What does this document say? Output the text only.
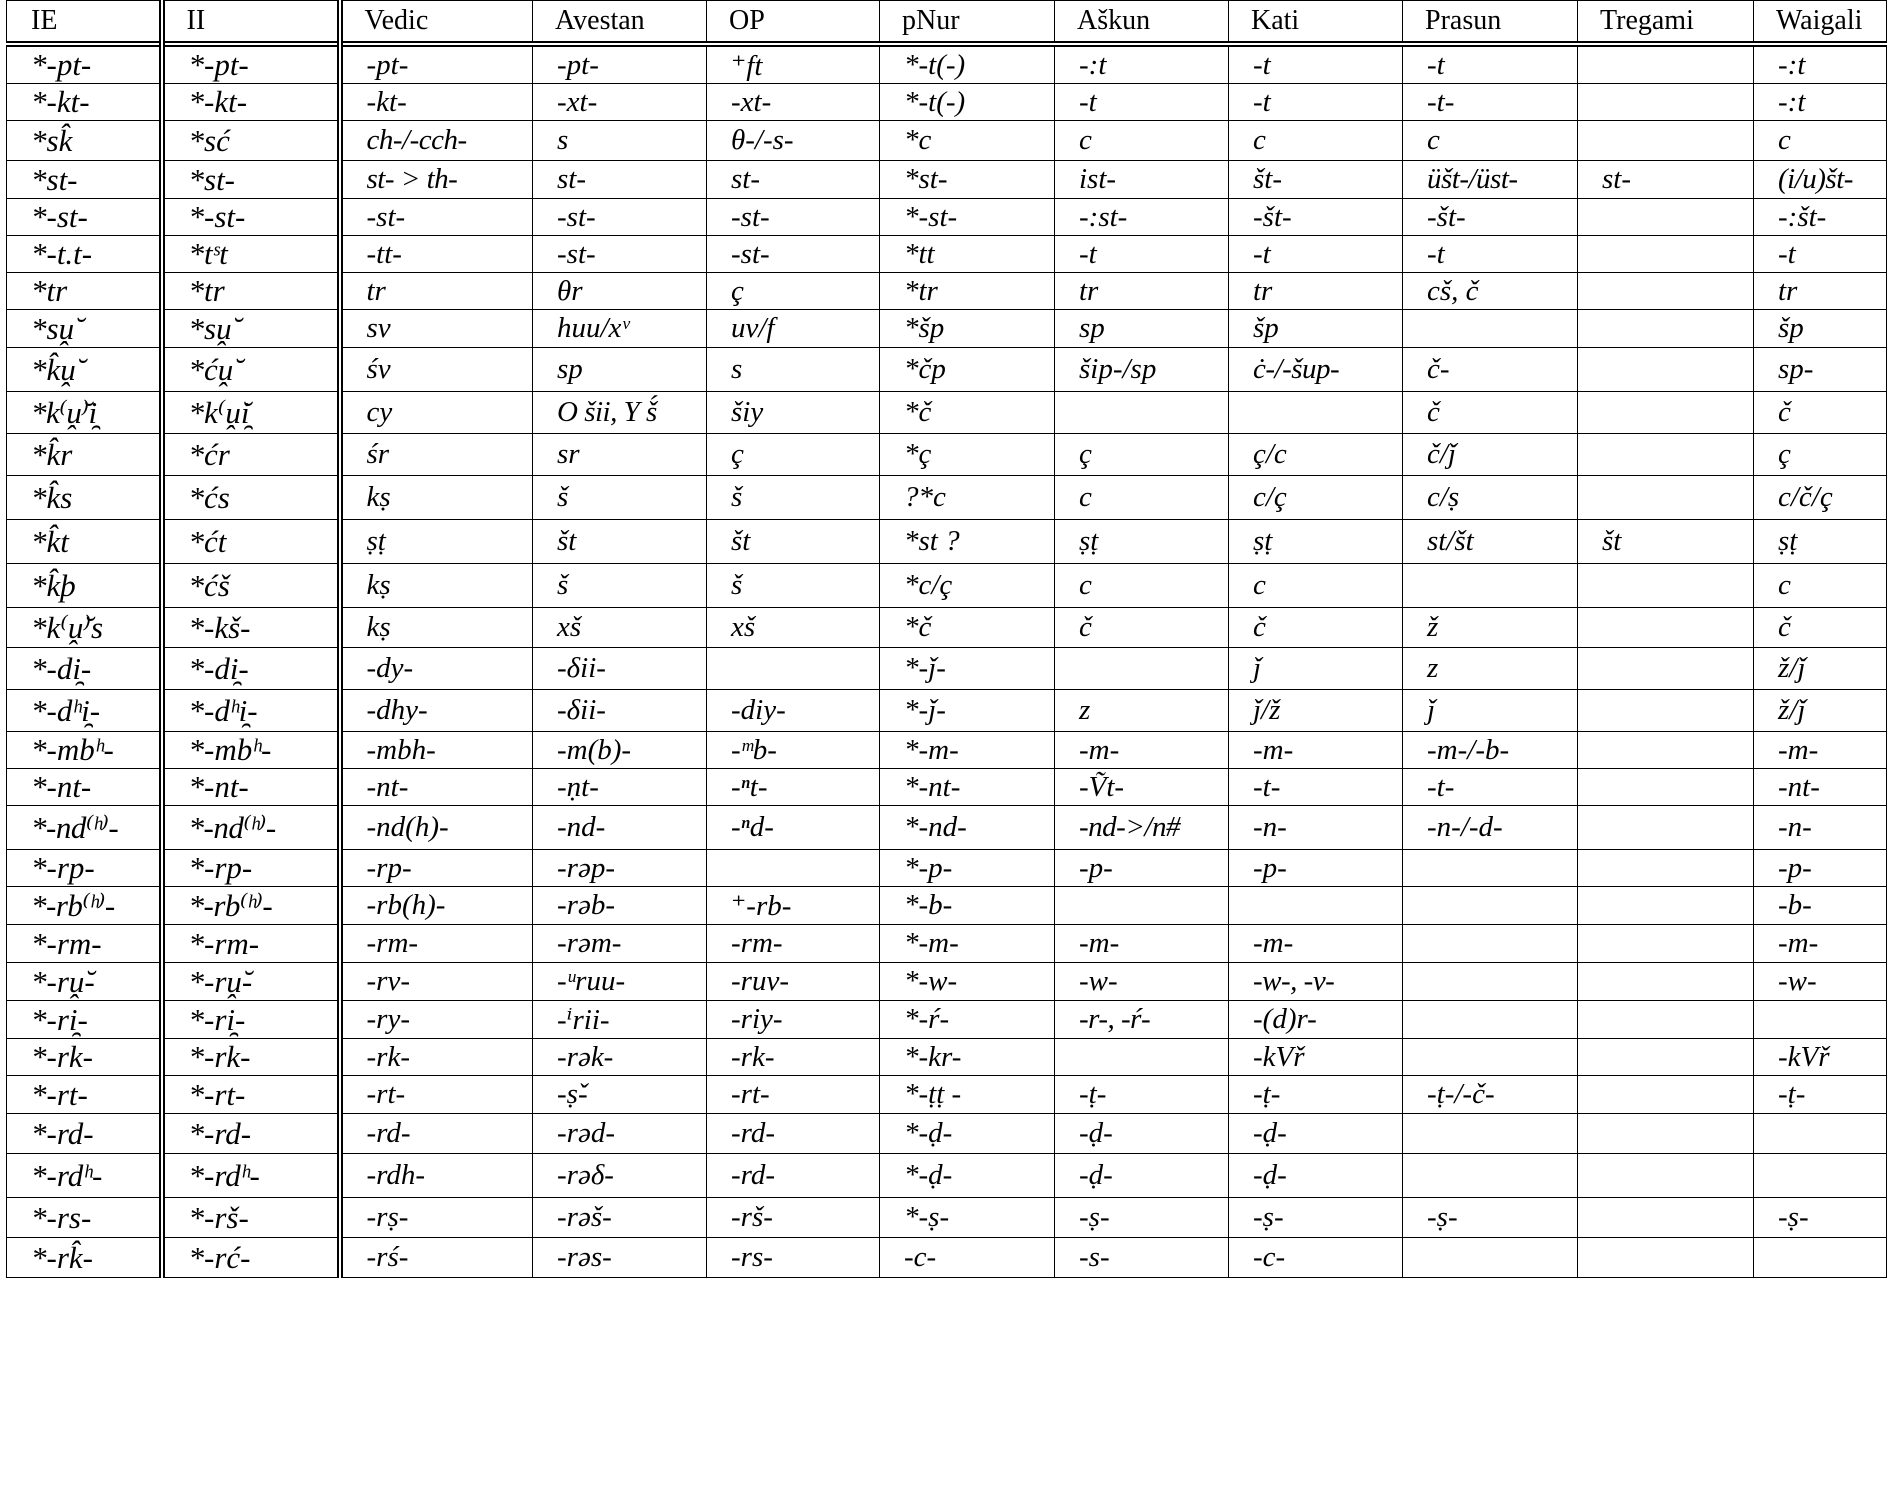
IE	II	Vedic	Avestan	OP	pNur	Aškun	Kati	Prasun	Tregami	Waigali
*-pt-	*-pt-	-pt-	-pt-	⁺ft	*-t(-)	-:t	-t	-t		-:t
*-kt-	*-kt-	-kt-	-xt-	-xt-	*-t(-)	-t	-t	-t-		-:t
*sk̂	*sć	ch-/-cch-	s	θ-/-s-	*c	c	c	c		c
*st-	*st-	st- > th-	st-	st-	*st-	ist-	št-	üšt-/üst-	st-	(i/u)št-
*-st-	*-st-	-st-	-st-	-st-	*-st-	-:st-	-št-	-št-		-:št-
*-t.t-	*tˢt	-tt-	-st-	-st-	*tt	-t	-t	-t		-t
*tr	*tr	tr	θr	ç	*tr	tr	tr	cš, č		tr
*sṷ̆	*sṷ̆	sv	huu/xᵛ	uv/f	*šp	sp	šp			šp
*k̂ṷ̆	*ćṷ̆	śv	sp	s	*čp	šip-/sp	ċ-/-šup-	č-		sp-
*k⁽ṷ̆⁾i̯	*k⁽ṷ̆i̯	cy	O šii, Y š́	šiy	*č			č		č
*k̂r	*ćr	śr	sr	ç	*ç	ç	ç/c	č/ǰ		ç
*k̂s	*ćs	kṣ	š	š	?*c	c	c/ç	c/ṣ		c/č/ç
*k̂t	*ćt	ṣṭ	št	št	*st ?	ṣṭ	ṣṭ	st/št	št	ṣṭ
*k̂þ	*ćš	kṣ	š	š	*c/ç	c	c			c
*k⁽ṷ̆⁾s	*-kš-	kṣ	xš	xš	*č	č	č	ž		č
*-di̯-	*-di̯-	-dy-	-δii-		*-ǰ-		ǰ	z		ž/ǰ
*-dʰi̯-	*-dʰi̯-	-dhy-	-δii-	-diy-	*-ǰ-	z	ǰ/ž	ǰ		ž/ǰ
*-mbʰ-	*-mbʰ-	-mbh-	-m(b)-	-ᵐb-	*-m-	-m-	-m-	-m-/-b-		-m-
*-nt-	*-nt-	-nt-	-ṇt-	-ⁿt-	*-nt-	-Ṽt-	-t-	-t-		-nt-
*-nd⁽ʰ⁾-	*-nd⁽ʰ⁾-	-nd(h)-	-nd-	-ⁿd-	*-nd-	-nd->/n#	-n-	-n-/-d-		-n-
*-rp-	*-rp-	-rp-	-rəp-		*-p-	-p-	-p-			-p-
*-rb⁽ʰ⁾-	*-rb⁽ʰ⁾-	-rb(h)-	-rəb-	⁺-rb-	*-b-					-b-
*-rm-	*-rm-	-rm-	-rəm-	-rm-	*-m-	-m-	-m-			-m-
*-rṷ̆-	*-rṷ̆-	-rv-	-ᵘruu-	-ruv-	*-w-	-w-	-w-, -v-			-w-
*-ri̯-	*-ri̯-	-ry-	-ⁱrii-	-riy-	*-ŕ-	-r-, -ŕ-	-(d)r-			
*-rk-	*-rk-	-rk-	-rək-	-rk-	*-kr-		-kVř			-kVř
*-rt-	*-rt-	-rt-	-ṣ̌-	-rt-	*-ṭṭ -	-ṭ-	-ṭ-	-ṭ-/-č-		-ṭ-
*-rd-	*-rd-	-rd-	-rəd-	-rd-	*-ḍ-	-ḍ-	-ḍ-			
*-rdʰ-	*-rdʰ-	-rdh-	-rəδ-	-rd-	*-ḍ-	-ḍ-	-ḍ-			
*-rs-	*-rš-	-rṣ-	-rəš-	-rš-	*-ṣ-	-ṣ-	-ṣ-	-ṣ-		-ṣ-
*-rk̂-	*-rć-	-rś-	-rəs-	-rs-	-c-	-s-	-c-			
